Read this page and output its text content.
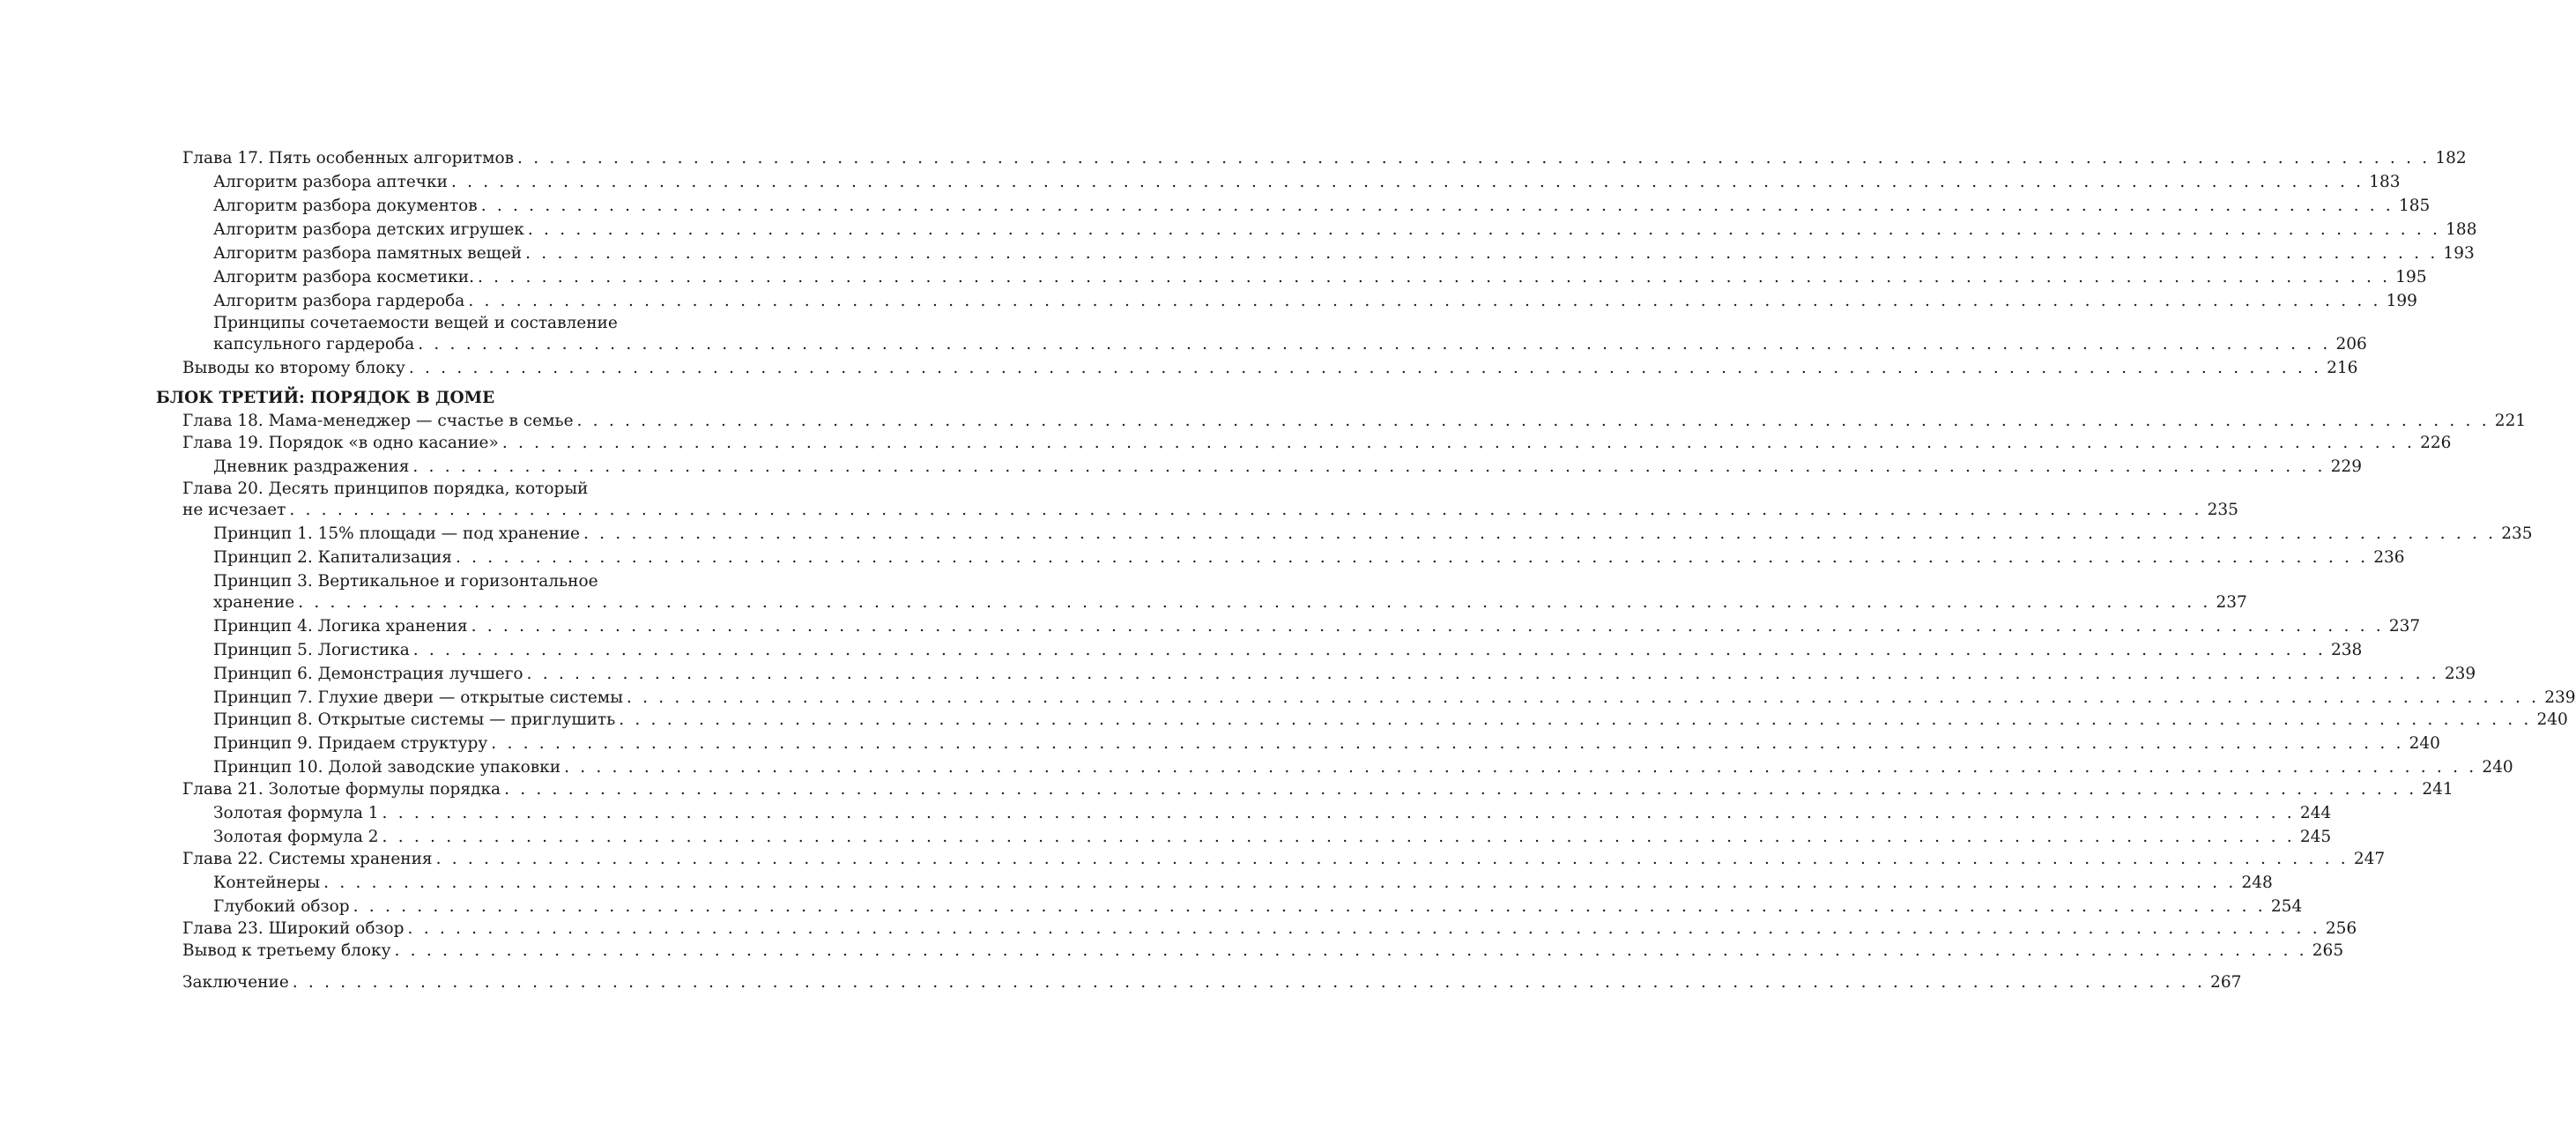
БЛОК ТРЕТИЙ: ПОРЯДОК В ДОМЕ
Глава 17. Пять особенных алгоритмов . . . . . . . . . . . . . . . . . . . . . . . . . . . . . . . . . . . . . . . . . . . . . . . . . . . . . . . . . . . . . . . . . . . . . . . . . . . . . . . . . . . . . . . . . . . . . . . . . . . . . . . . . . . . . . . . . . . . . . . . 182
Алгоритм разбора аптечки . . . . . . . . . . . . . . . . . . . . . . . . . . . . . . . . . . . . . . . . . . . . . . . . . . . . . . . . . . . . . . . . . . . . . . . . . . . . . . . . . . . . . . . . . . . . . . . . . . . . . . . . . . . . . . . . . . . . . . . . 183
Алгоритм разбора документов . . . . . . . . . . . . . . . . . . . . . . . . . . . . . . . . . . . . . . . . . . . . . . . . . . . . . . . . . . . . . . . . . . . . . . . . . . . . . . . . . . . . . . . . . . . . . . . . . . . . . . . . . . . . . . . . . . . . . . . . 185
Алгоритм разбора детских игрушек . . . . . . . . . . . . . . . . . . . . . . . . . . . . . . . . . . . . . . . . . . . . . . . . . . . . . . . . . . . . . . . . . . . . . . . . . . . . . . . . . . . . . . . . . . . . . . . . . . . . . . . . . . . . . . . . . . . . . . . . 188
Алгоритм разбора памятных вещей . . . . . . . . . . . . . . . . . . . . . . . . . . . . . . . . . . . . . . . . . . . . . . . . . . . . . . . . . . . . . . . . . . . . . . . . . . . . . . . . . . . . . . . . . . . . . . . . . . . . . . . . . . . . . . . . . . . . . . . . 193
Алгоритм разбора косметики. . . . . . . . . . . . . . . . . . . . . . . . . . . . . . . . . . . . . . . . . . . . . . . . . . . . . . . . . . . . . . . . . . . . . . . . . . . . . . . . . . . . . . . . . . . . . . . . . . . . . . . . . . . . . . . . . . . . . . . . . 195
Алгоритм разбора гардероба . . . . . . . . . . . . . . . . . . . . . . . . . . . . . . . . . . . . . . . . . . . . . . . . . . . . . . . . . . . . . . . . . . . . . . . . . . . . . . . . . . . . . . . . . . . . . . . . . . . . . . . . . . . . . . . . . . . . . . . . 199
Принципы сочетаемости вещей и составление
капсульного гардероба . . . . . . . . . . . . . . . . . . . . . . . . . . . . . . . . . . . . . . . . . . . . . . . . . . . . . . . . . . . . . . . . . . . . . . . . . . . . . . . . . . . . . . . . . . . . . . . . . . . . . . . . . . . . . . . . . . . . . . . . 206
Выводы ко второму блоку . . . . . . . . . . . . . . . . . . . . . . . . . . . . . . . . . . . . . . . . . . . . . . . . . . . . . . . . . . . . . . . . . . . . . . . . . . . . . . . . . . . . . . . . . . . . . . . . . . . . . . . . . . . . . . . . . . . . . . . . 216
Глава 18. Мама-менеджер — счастье в семье . . . . . . . . . . . . . . . . . . . . . . . . . . . . . . . . . . . . . . . . . . . . . . . . . . . . . . . . . . . . . . . . . . . . . . . . . . . . . . . . . . . . . . . . . . . . . . . . . . . . . . . . . . . . . . . . . . . . . . . . 221
Глава 19. Порядок «в одно касание» . . . . . . . . . . . . . . . . . . . . . . . . . . . . . . . . . . . . . . . . . . . . . . . . . . . . . . . . . . . . . . . . . . . . . . . . . . . . . . . . . . . . . . . . . . . . . . . . . . . . . . . . . . . . . . . . . . . . . . . . 226
Дневник раздражения . . . . . . . . . . . . . . . . . . . . . . . . . . . . . . . . . . . . . . . . . . . . . . . . . . . . . . . . . . . . . . . . . . . . . . . . . . . . . . . . . . . . . . . . . . . . . . . . . . . . . . . . . . . . . . . . . . . . . . . . 229
Глава 20. Десять принципов порядка, который
не исчезает . . . . . . . . . . . . . . . . . . . . . . . . . . . . . . . . . . . . . . . . . . . . . . . . . . . . . . . . . . . . . . . . . . . . . . . . . . . . . . . . . . . . . . . . . . . . . . . . . . . . . . . . . . . . . . . . . . . . . . . . 235
Принцип 1. 15% площади — под хранение . . . . . . . . . . . . . . . . . . . . . . . . . . . . . . . . . . . . . . . . . . . . . . . . . . . . . . . . . . . . . . . . . . . . . . . . . . . . . . . . . . . . . . . . . . . . . . . . . . . . . . . . . . . . . . . . . . . . . . . . 235
Принцип 2. Капитализация . . . . . . . . . . . . . . . . . . . . . . . . . . . . . . . . . . . . . . . . . . . . . . . . . . . . . . . . . . . . . . . . . . . . . . . . . . . . . . . . . . . . . . . . . . . . . . . . . . . . . . . . . . . . . . . . . . . . . . . . 236
Принцип 3. Вертикальное и горизонтальное
хранение . . . . . . . . . . . . . . . . . . . . . . . . . . . . . . . . . . . . . . . . . . . . . . . . . . . . . . . . . . . . . . . . . . . . . . . . . . . . . . . . . . . . . . . . . . . . . . . . . . . . . . . . . . . . . . . . . . . . . . . . 237
Принцип 4. Логика хранения . . . . . . . . . . . . . . . . . . . . . . . . . . . . . . . . . . . . . . . . . . . . . . . . . . . . . . . . . . . . . . . . . . . . . . . . . . . . . . . . . . . . . . . . . . . . . . . . . . . . . . . . . . . . . . . . . . . . . . . . 237
Принцип 5. Логистика . . . . . . . . . . . . . . . . . . . . . . . . . . . . . . . . . . . . . . . . . . . . . . . . . . . . . . . . . . . . . . . . . . . . . . . . . . . . . . . . . . . . . . . . . . . . . . . . . . . . . . . . . . . . . . . . . . . . . . . . 238
Принцип 6. Демонстрация лучшего . . . . . . . . . . . . . . . . . . . . . . . . . . . . . . . . . . . . . . . . . . . . . . . . . . . . . . . . . . . . . . . . . . . . . . . . . . . . . . . . . . . . . . . . . . . . . . . . . . . . . . . . . . . . . . . . . . . . . . . . 239
Принцип 7. Глухие двери — открытые системы . . . . . . . . . . . . . . . . . . . . . . . . . . . . . . . . . . . . . . . . . . . . . . . . . . . . . . . . . . . . . . . . . . . . . . . . . . . . . . . . . . . . . . . . . . . . . . . . . . . . . . . . . . . . . . . . . . . . . . . . 239
Принцип 8. Открытые системы — приглушить . . . . . . . . . . . . . . . . . . . . . . . . . . . . . . . . . . . . . . . . . . . . . . . . . . . . . . . . . . . . . . . . . . . . . . . . . . . . . . . . . . . . . . . . . . . . . . . . . . . . . . . . . . . . . . . . . . . . . . . . 240
Принцип 9. Придаем структуру . . . . . . . . . . . . . . . . . . . . . . . . . . . . . . . . . . . . . . . . . . . . . . . . . . . . . . . . . . . . . . . . . . . . . . . . . . . . . . . . . . . . . . . . . . . . . . . . . . . . . . . . . . . . . . . . . . . . . . . . 240
Принцип 10. Долой заводские упаковки . . . . . . . . . . . . . . . . . . . . . . . . . . . . . . . . . . . . . . . . . . . . . . . . . . . . . . . . . . . . . . . . . . . . . . . . . . . . . . . . . . . . . . . . . . . . . . . . . . . . . . . . . . . . . . . . . . . . . . . . 240
Глава 21. Золотые формулы порядка . . . . . . . . . . . . . . . . . . . . . . . . . . . . . . . . . . . . . . . . . . . . . . . . . . . . . . . . . . . . . . . . . . . . . . . . . . . . . . . . . . . . . . . . . . . . . . . . . . . . . . . . . . . . . . . . . . . . . . . . 241
Золотая формула 1 . . . . . . . . . . . . . . . . . . . . . . . . . . . . . . . . . . . . . . . . . . . . . . . . . . . . . . . . . . . . . . . . . . . . . . . . . . . . . . . . . . . . . . . . . . . . . . . . . . . . . . . . . . . . . . . . . . . . . . . . 244
Золотая формула 2 . . . . . . . . . . . . . . . . . . . . . . . . . . . . . . . . . . . . . . . . . . . . . . . . . . . . . . . . . . . . . . . . . . . . . . . . . . . . . . . . . . . . . . . . . . . . . . . . . . . . . . . . . . . . . . . . . . . . . . . . 245
Глава 22. Системы хранения . . . . . . . . . . . . . . . . . . . . . . . . . . . . . . . . . . . . . . . . . . . . . . . . . . . . . . . . . . . . . . . . . . . . . . . . . . . . . . . . . . . . . . . . . . . . . . . . . . . . . . . . . . . . . . . . . . . . . . . . 247
Контейнеры . . . . . . . . . . . . . . . . . . . . . . . . . . . . . . . . . . . . . . . . . . . . . . . . . . . . . . . . . . . . . . . . . . . . . . . . . . . . . . . . . . . . . . . . . . . . . . . . . . . . . . . . . . . . . . . . . . . . . . . . 248
Глубокий обзор . . . . . . . . . . . . . . . . . . . . . . . . . . . . . . . . . . . . . . . . . . . . . . . . . . . . . . . . . . . . . . . . . . . . . . . . . . . . . . . . . . . . . . . . . . . . . . . . . . . . . . . . . . . . . . . . . . . . . . . . 254
Глава 23. Широкий обзор . . . . . . . . . . . . . . . . . . . . . . . . . . . . . . . . . . . . . . . . . . . . . . . . . . . . . . . . . . . . . . . . . . . . . . . . . . . . . . . . . . . . . . . . . . . . . . . . . . . . . . . . . . . . . . . . . . . . . . . . 256
Вывод к третьему блоку . . . . . . . . . . . . . . . . . . . . . . . . . . . . . . . . . . . . . . . . . . . . . . . . . . . . . . . . . . . . . . . . . . . . . . . . . . . . . . . . . . . . . . . . . . . . . . . . . . . . . . . . . . . . . . . . . . . . . . . . 265
Заключение . . . . . . . . . . . . . . . . . . . . . . . . . . . . . . . . . . . . . . . . . . . . . . . . . . . . . . . . . . . . . . . . . . . . . . . . . . . . . . . . . . . . . . . . . . . . . . . . . . . . . . . . . . . . . . . . . . . . . . . . 267
